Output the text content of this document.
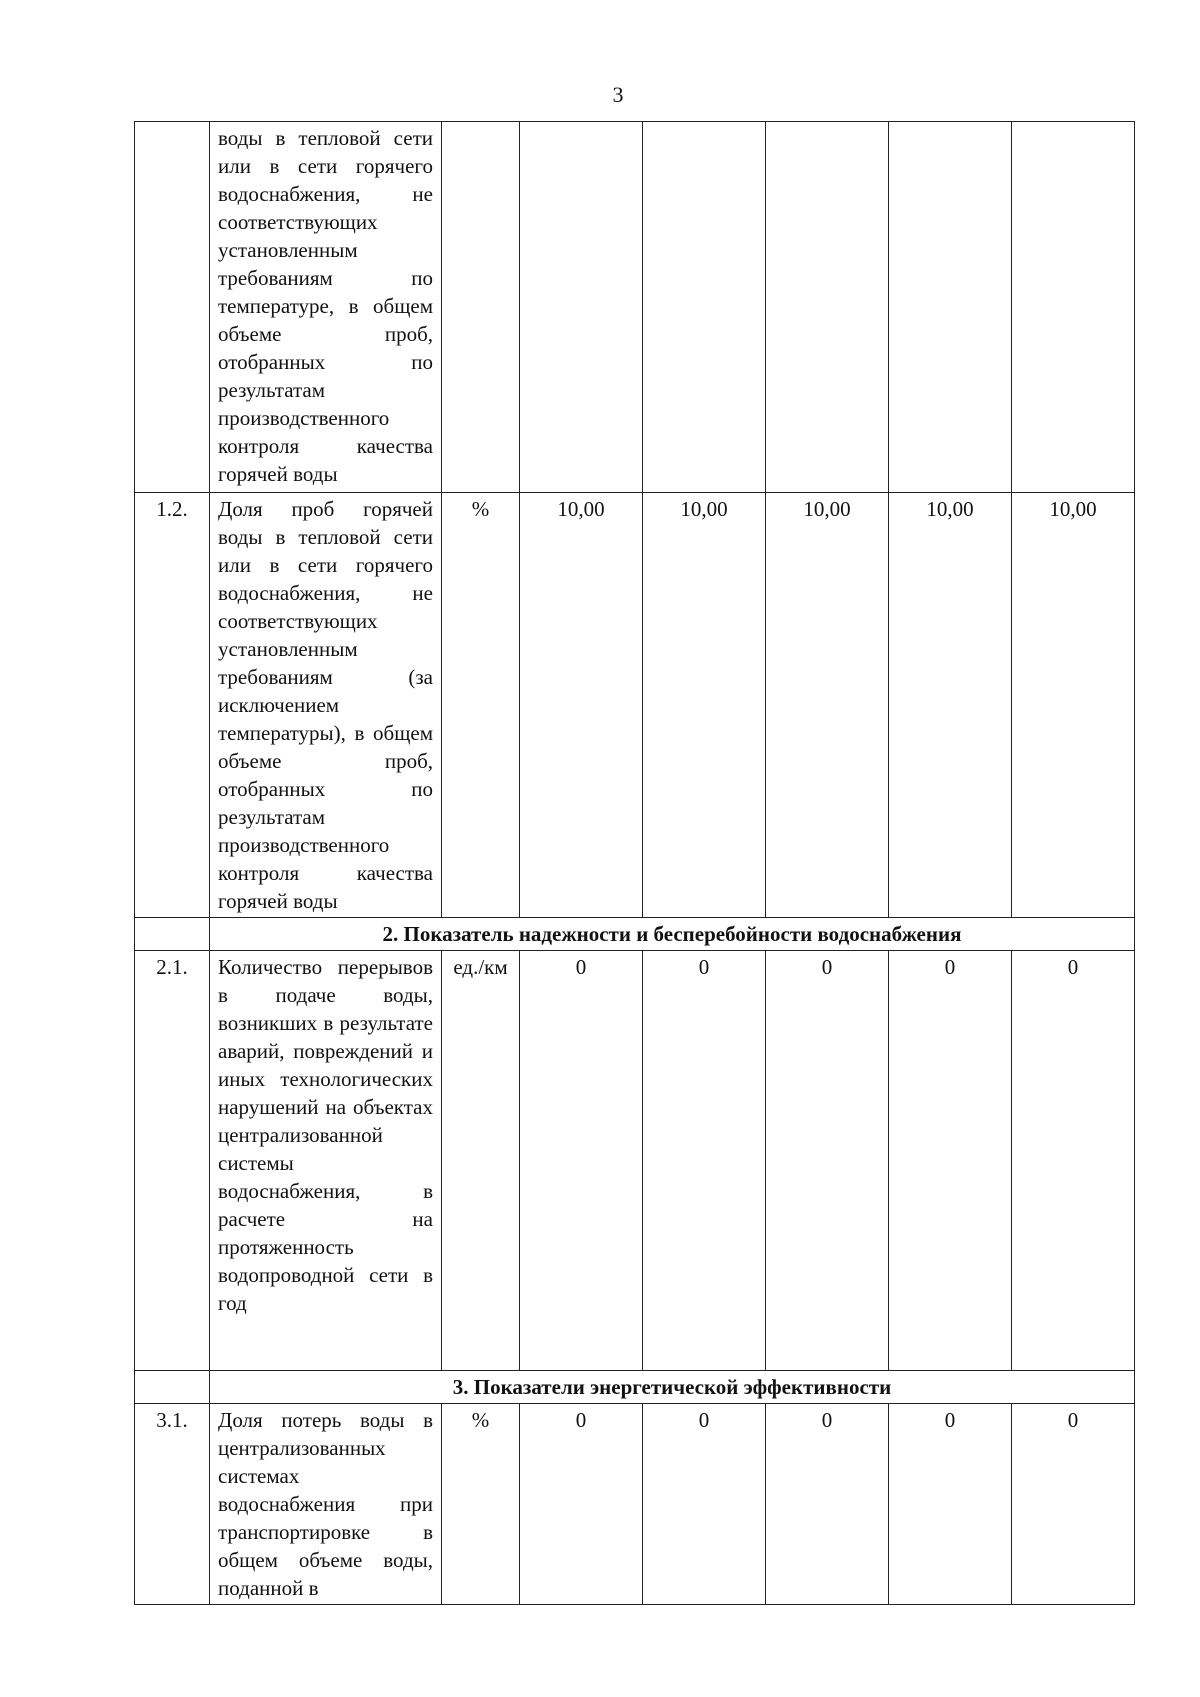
3
	воды в тепловой сети или в сети горячего водоснабжения, не соответствующих установленным требованиям по температуре, в общем объеме проб, отобранных по результатам производственного контроля качества горячей воды						
1.2.	Доля проб горячей воды в тепловой сети или в сети горячего водоснабжения, не соответствующих установленным требованиям (за исключением температуры), в общем объеме проб, отобранных по результатам производственного контроля качества горячей воды	%	10,00	10,00	10,00	10,00	10,00
	2. Показатель надежности и бесперебойности водоснабжения						
2.1.	Количество перерывов в подаче воды, возникших в результате аварий, повреждений и иных технологических нарушений на объектах централизованной системы водоснабжения, в расчете на протяженность водопроводной сети в год	ед./км	0	0	0	0	0
	3. Показатели энергетической эффективности						
3.1.	Доля потерь воды в централизованных системах водоснабжения при транспортировке в общем объеме воды, поданной в	%	0	0	0	0	0
